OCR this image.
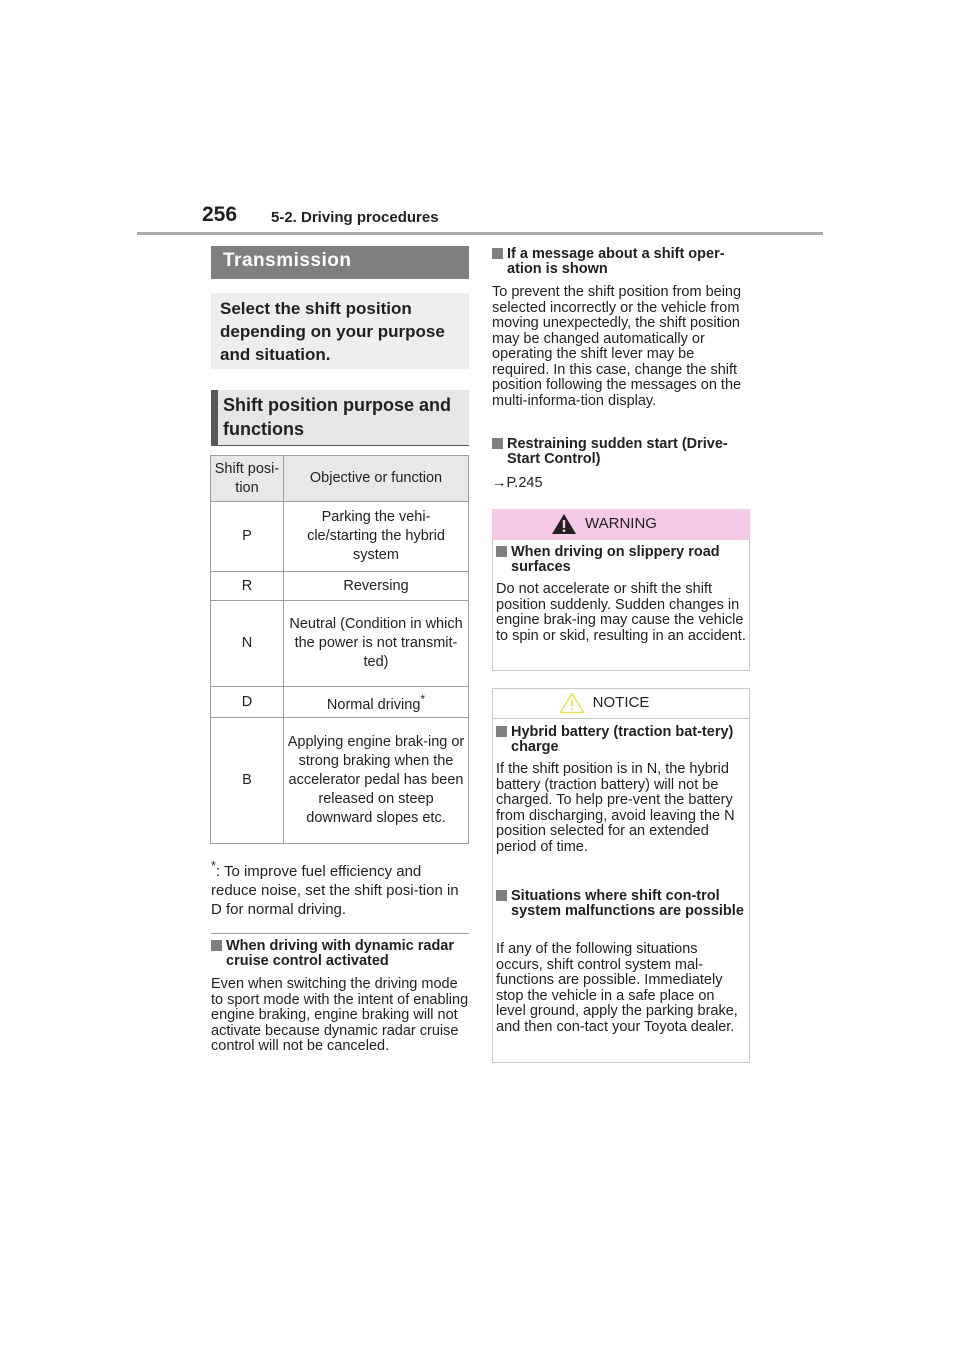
256 5-2. Driving procedures
Transmission
Select the shift position depending on your purpose and situation.
Shift position purpose and functions
Shift posi-tion	Objective or function
P	Parking the vehi-cle/starting the hybrid system
R	Reversing
N	Neutral (Condition in which the power is not transmit-ted)
D	Normal driving*
B	Applying engine brak-ing or strong braking when the accelerator pedal has been released on steep downward slopes etc.
*: To improve fuel efficiency and reduce noise, set the shift posi-tion in D for normal driving.
When driving with dynamic radar cruise control activated
Even when switching the driving mode to sport mode with the intent of enabling engine braking, engine braking will not activate because dynamic radar cruise control will not be canceled.
If a message about a shift oper-ation is shown
To prevent the shift position from being selected incorrectly or the vehicle from moving unexpectedly, the shift position may be changed automatically or operating the shift lever may be required. In this case, change the shift position following the messages on the multi-informa-tion display.
Restraining sudden start (Drive-Start Control)
→P.245
WARNING
When driving on slippery road surfaces
Do not accelerate or shift the shift position suddenly. Sudden changes in engine brak-ing may cause the vehicle to spin or skid, resulting in an accident.
NOTICE
Hybrid battery (traction bat-tery) charge
If the shift position is in N, the hybrid battery (traction battery) will not be charged. To help pre-vent the battery from discharging, avoid leaving the N position selected for an extended period of time.
Situations where shift con-trol system malfunctions are possible
If any of the following situations occurs, shift control system mal-functions are possible. Immediately stop the vehicle in a safe place on level ground, apply the parking brake, and then con-tact your Toyota dealer.
